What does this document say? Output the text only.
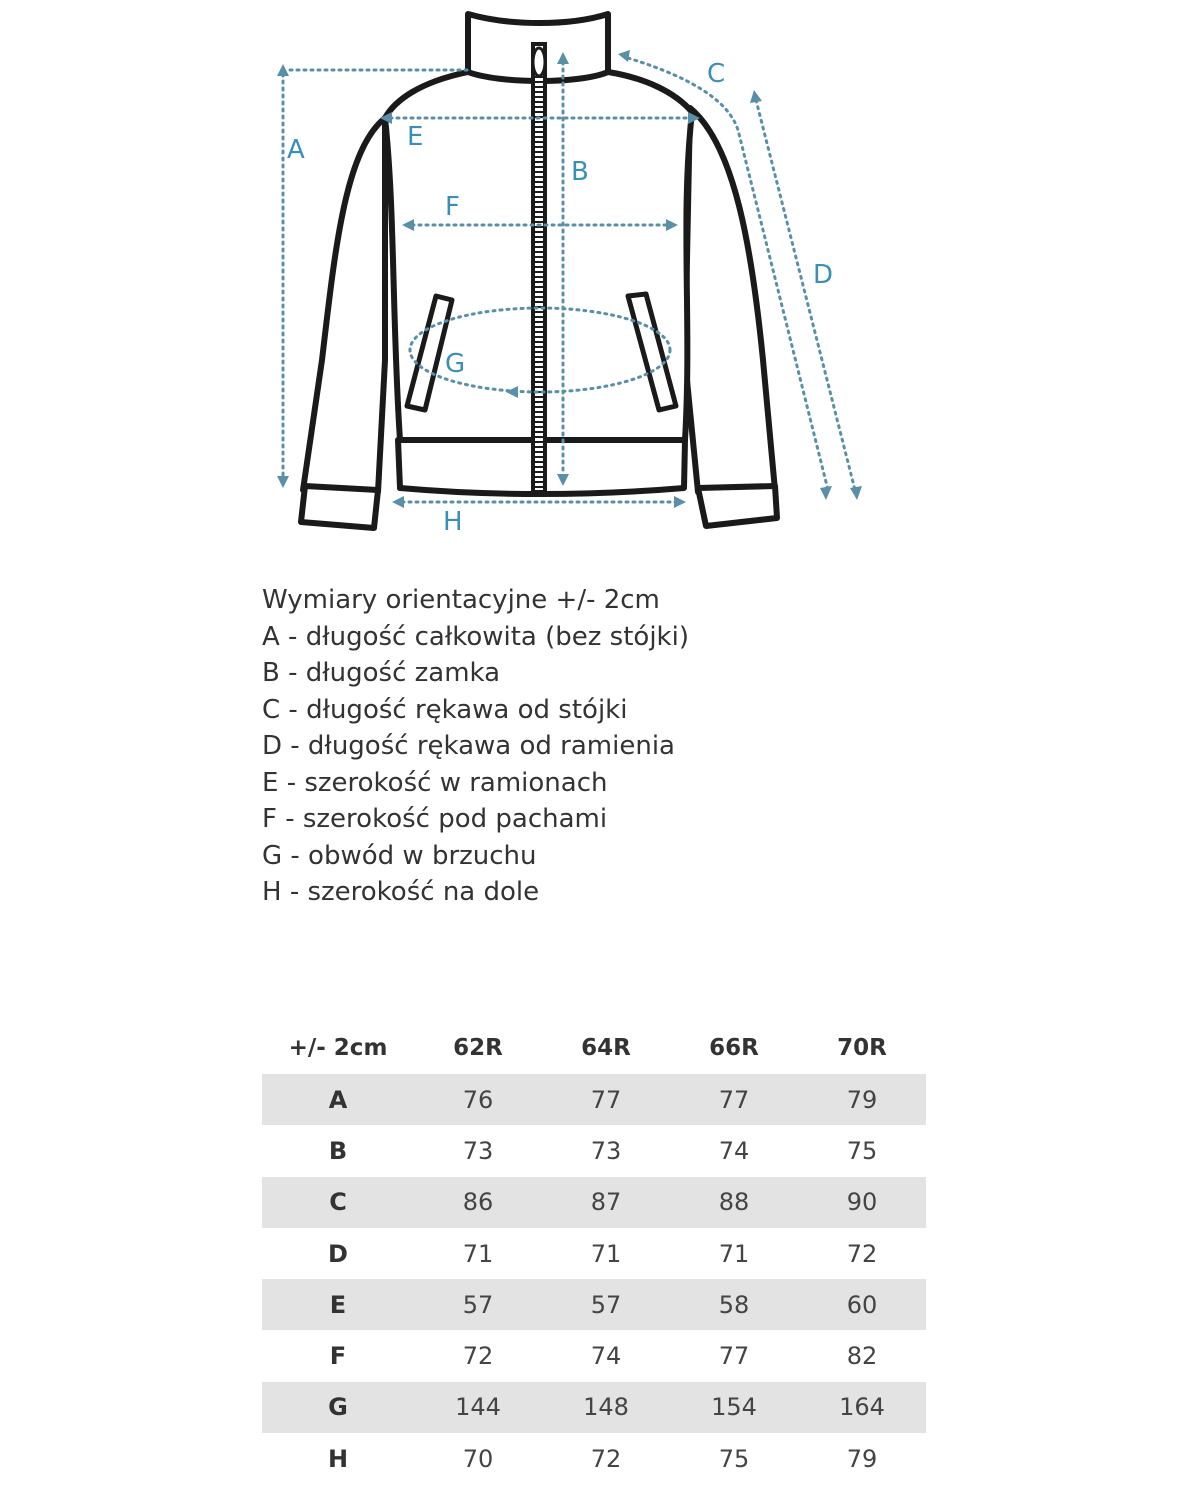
A
B
C
D
E
F
G
H
Wymiary orientacyjne +/- 2cm
A - długość całkowita (bez stójki)
B - długość zamka
C - długość rękawa od stójki
D - długość rękawa od ramienia
E - szerokość w ramionach
F - szerokość pod pachami
G - obwód w brzuchu
H - szerokość na dole
+/- 2cm	62R	64R	66R	70R
A	76	77	77	79
B	73	73	74	75
C	86	87	88	90
D	71	71	71	72
E	57	57	58	60
F	72	74	77	82
G	144	148	154	164
H	70	72	75	79
